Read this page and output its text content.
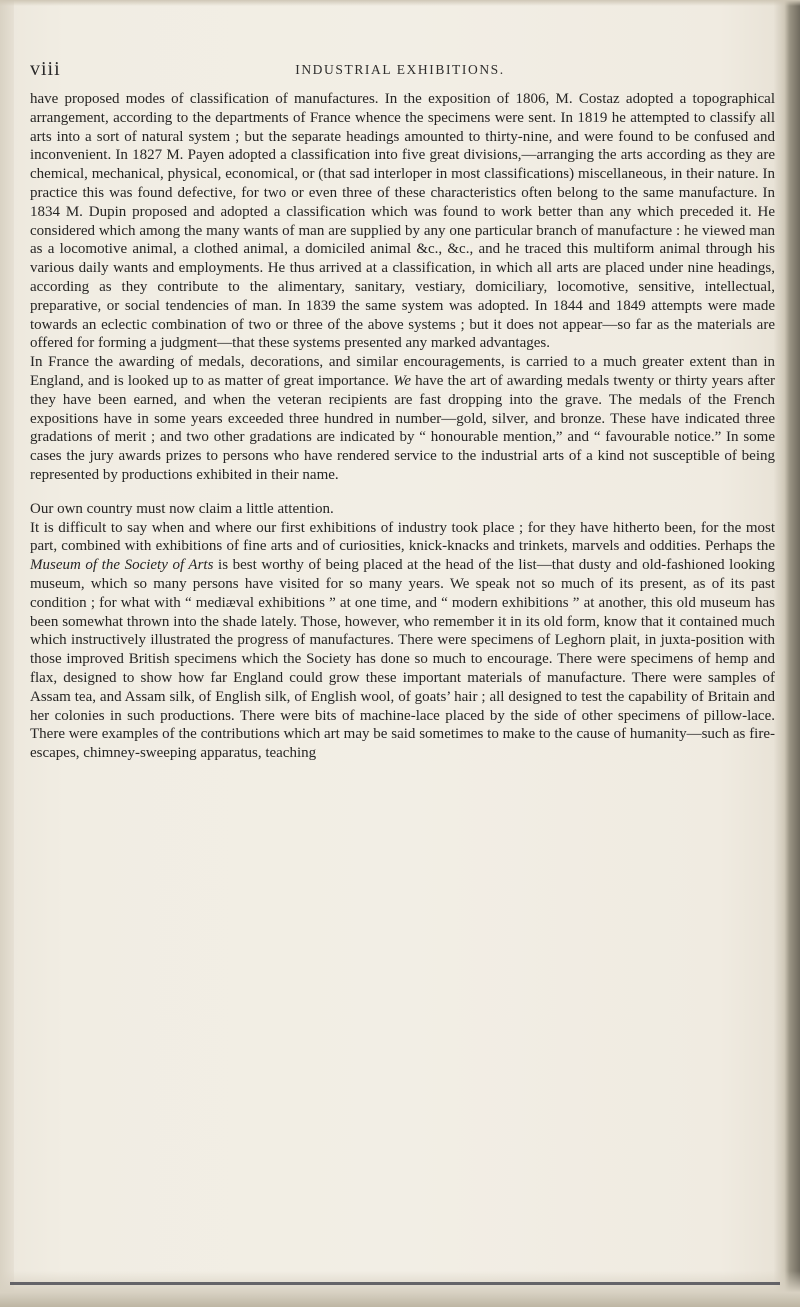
viii	INDUSTRIAL EXHIBITIONS.

have proposed modes of classification of manufactures. In the exposition of 1806, M. Costaz adopted a topographical arrangement, according to the departments of France whence the specimens were sent. In 1819 he attempted to classify all arts into a sort of natural system ; but the separate headings amounted to thirty-nine, and were found to be confused and inconvenient. In 1827 M. Payen adopted a classification into five great divisions,—arranging the arts according as they are chemical, mechanical, physical, economical, or (that sad interloper in most classifications) miscellaneous, in their nature. In practice this was found defective, for two or even three of these characteristics often belong to the same manufacture. In 1834 M. Dupin proposed and adopted a classification which was found to work better than any which preceded it. He considered which among the many wants of man are supplied by any one particular branch of manufacture : he viewed man as a locomotive animal, a clothed animal, a domiciled animal &c., &c., and he traced this multiform animal through his various daily wants and employments. He thus arrived at a classification, in which all arts are placed under nine headings, according as they contribute to the alimentary, sanitary, vestiary, domiciliary, locomotive, sensitive, intellectual, preparative, or social tendencies of man. In 1839 the same system was adopted. In 1844 and 1849 attempts were made towards an eclectic combination of two or three of the above systems ; but it does not appear—so far as the materials are offered for forming a judgment—that these systems presented any marked advantages.

In France the awarding of medals, decorations, and similar encouragements, is carried to a much greater extent than in England, and is looked up to as matter of great importance. We have the art of awarding medals twenty or thirty years after they have been earned, and when the veteran recipients are fast dropping into the grave. The medals of the French expositions have in some years exceeded three hundred in number—gold, silver, and bronze. These have indicated three gradations of merit ; and two other gradations are indicated by “ honourable mention,” and “ favourable notice.” In some cases the jury awards prizes to persons who have rendered service to the industrial arts of a kind not susceptible of being represented by productions exhibited in their name.

Our own country must now claim a little attention.

It is difficult to say when and where our first exhibitions of industry took place ; for they have hitherto been, for the most part, combined with exhibitions of fine arts and of curiosities, knick-knacks and trinkets, marvels and oddities. Perhaps the Museum of the Society of Arts is best worthy of being placed at the head of the list—that dusty and old-fashioned looking museum, which so many persons have visited for so many years. We speak not so much of its present, as of its past condition ; for what with “ mediæval exhibitions ” at one time, and “ modern exhibitions ” at another, this old museum has been somewhat thrown into the shade lately. Those, however, who remember it in its old form, know that it contained much which instructively illustrated the progress of manufactures. There were specimens of Leghorn plait, in juxta-position with those improved British specimens which the Society has done so much to encourage. There were specimens of hemp and flax, designed to show how far England could grow these important materials of manufacture. There were samples of Assam tea, and Assam silk, of English silk, of English wool, of goats’ hair ; all designed to test the capability of Britain and her colonies in such productions. There were bits of machine-lace placed by the side of other specimens of pillow-lace. There were examples of the contributions which art may be said sometimes to make to the cause of humanity—such as fire-escapes, chimney-sweeping apparatus, teaching
